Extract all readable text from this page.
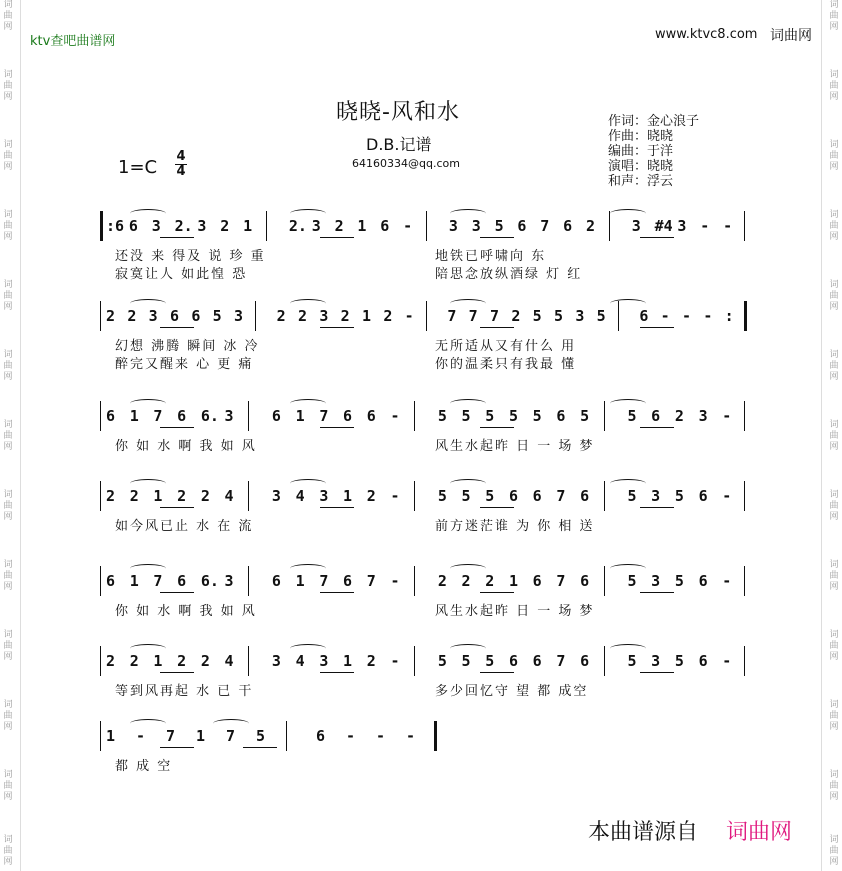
词
曲
网
词
曲
网
词
曲
网
词
曲
网
词
曲
网
词
曲
网
词
曲
网
词
曲
网
词
曲
网
词
曲
网
词
曲
网
词
曲
网
词
曲
网
词
曲
网
词
曲
网
词
曲
网
词
曲
网
词
曲
网
词
曲
网
词
曲
网
词
曲
网
词
曲
网
词
曲
网
词
曲
网
词
曲
网
词
曲
网
ktv查吧曲谱网	www.ktvc8.com 词曲网
晓晓-风和水
D.B.记谱
64160334@qq.com
作词：金心浪子
作曲：晓晓
编曲：于洋
演唱：晓晓
和声：浮云
1=C
4
4
:6 6 3 2. 3 2 1 2. 3 2 1 6 - 3 3 5 6 7 6 2 3 #4 3 - -
2 2 3 6 6 5 3 2 2 3 2 1 2 - 7 7 7 2 5 5 3 5 6 - - - :
6 1 7 6 6. 3	6 1 7 6 6 -	5 5 5 5 5 6 5	5 6 2 3 -
2 2 1 2 2 4	3 4 3 1 2 -	5 5 5 6 6 7 6	5 3 5 6 -
6 1 7 6 6. 3	6 1 7 6 7 -	2 2 2 1 6 7 6	5 3 5 6 -
2 2 1 2 2 4	3 4 3 1 2 -	5 5 5 6 6 7 6	5 3 5 6 -
1 - 7 1 7 5	6 - - -
本曲谱源自 词曲网
还没 来 得及 说 珍 重	地铁已呼啸向 东
寂寞让人 如此惶 恐	陪思念放纵酒绿 灯 红
幻想 沸腾 瞬间 冰 冷	无所适从又有什么 用
醉完又醒来 心 更 痛	你的温柔只有我最 懂
你 如 水 啊 我 如 风	风生水起昨 日 一 场 梦
如今风已止 水 在 流	前方迷茫谁 为 你 相 送
你 如 水 啊 我 如 风	风生水起昨 日 一 场 梦
等到风再起 水 已 干	多少回忆守 望 都 成空
都 成 空
